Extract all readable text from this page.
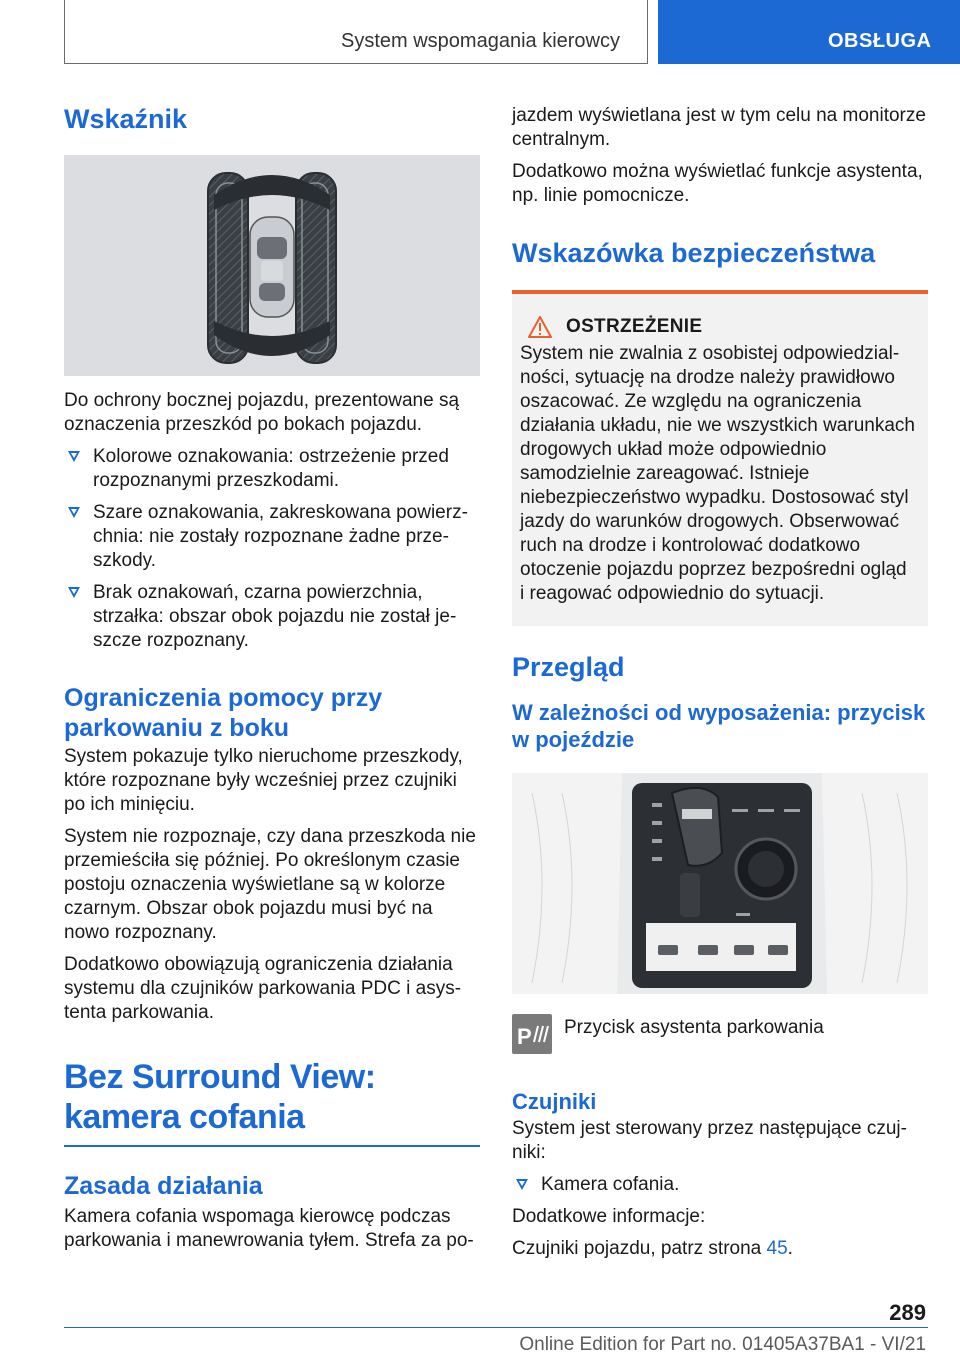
System wspomagania kierowcy	OBSŁUGA
Wskaźnik

Do ochrony bocznej pojazdu, prezentowane są oznaczenia przeszkód po bokach pojazdu.

Kolorowe oznakowania: ostrzeżenie przed rozpoznanymi przeszkodami.
Szare oznakowania, zakreskowana powierzchnia: nie zostały rozpoznane żadne przeszkody.
Brak oznakowań, czarna powierzchnia, strzałka: obszar obok pojazdu nie został jeszcze rozpoznany.
Ograniczenia pomocy przy parkowaniu z boku

System pokazuje tylko nieruchome przeszkody, które rozpoznane były wcześniej przez czujniki po ich minięciu.

System nie rozpoznaje, czy dana przeszkoda nie przemieściła się później. Po określonym czasie postoju oznaczenia wyświetlane są w kolorze czarnym. Obszar obok pojazdu musi być na nowo rozpoznany.

Dodatkowo obowiązują ograniczenia działania systemu dla czujników parkowania PDC i asystenta parkowania.

Bez Surround View: kamera cofania
Zasada działania

Kamera cofania wspomaga kierowcę podczas parkowania i manewrowania tyłem. Strefa za po-

jazdem wyświetlana jest w tym celu na monitorze centralnym.

Dodatkowo można wyświetlać funkcje asystenta, np. linie pomocnicze.

Wskazówka bezpieczeństwa
OSTRZEŻENIE

System nie zwalnia z osobistej odpowiedzialności, sytuację na drodze należy prawidłowo oszacować. Ze względu na ograniczenia działania układu, nie we wszystkich warunkach drogowych układ może odpowiednio samodzielnie zareagować. Istnieje niebezpieczeństwo wypadku. Dostosować styl jazdy do warunków drogowych. Obserwować ruch na drodze i kontrolować dodatkowo otoczenie pojazdu poprzez bezpośredni ogląd i reagować odpowiednio do sytuacji.

Przegląd
W zależności od wyposażenia: przycisk w pojeździe
P Przycisk asystenta parkowania

Czujniki

System jest sterowany przez następujące czujniki:

Kamera cofania.

Dodatkowe informacje:

Czujniki pojazdu, patrz strona 45.

289
Online Edition for Part no. 01405A37BA1 - VI/21
